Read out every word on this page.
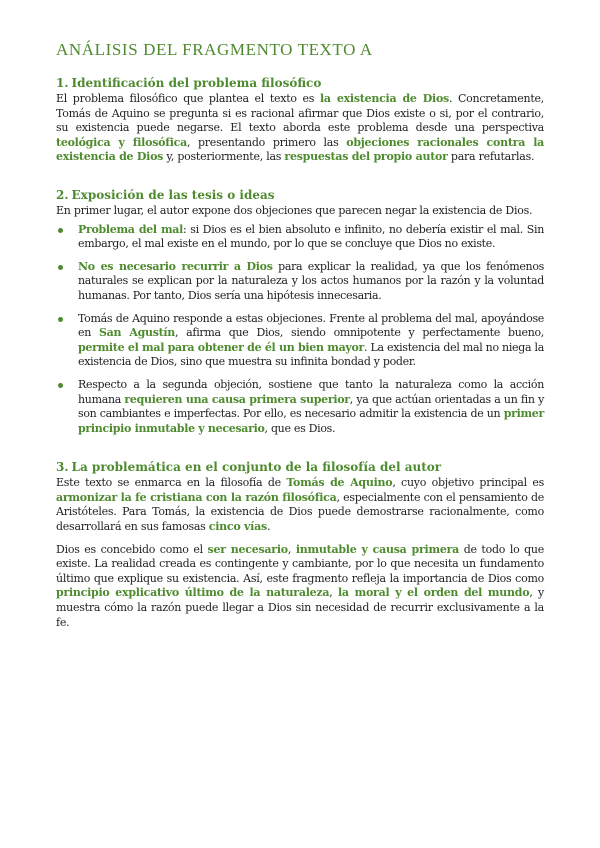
ANÁLISIS DEL FRAGMENTO TEXTO A
1. Identificación del problema filosófico

El problema filosófico que plantea el texto es la existencia de Dios. Concretamente, Tomás de Aquino se pregunta si es racional afirmar que Dios existe o si, por el contrario, su existencia puede negarse. El texto aborda este problema desde una perspectiva teológica y filosófica, presentando primero las objeciones racionales contra la existencia de Dios y, posteriormente, las respuestas del propio autor para refutarlas.

2. Exposición de las tesis o ideas

En primer lugar, el autor expone dos objeciones que parecen negar la existencia de Dios.

Problema del mal: si Dios es el bien absoluto e infinito, no debería existir el mal. Sin embargo, el mal existe en el mundo, por lo que se concluye que Dios no existe.

No es necesario recurrir a Dios para explicar la realidad, ya que los fenómenos naturales se explican por la naturaleza y los actos humanos por la razón y la voluntad humanas. Por tanto, Dios sería una hipótesis innecesaria.

Tomás de Aquino responde a estas objeciones. Frente al problema del mal, apoyándose en San Agustín, afirma que Dios, siendo omnipotente y perfectamente bueno, permite el mal para obtener de él un bien mayor. La existencia del mal no niega la existencia de Dios, sino que muestra su infinita bondad y poder.

Respecto a la segunda objeción, sostiene que tanto la naturaleza como la acción humana requieren una causa primera superior, ya que actúan orientadas a un fin y son cambiantes e imperfectas. Por ello, es necesario admitir la existencia de un primer principio inmutable y necesario, que es Dios.

3. La problemática en el conjunto de la filosofía del autor

Este texto se enmarca en la filosofía de Tomás de Aquino, cuyo objetivo principal es armonizar la fe cristiana con la razón filosófica, especialmente con el pensamiento de Aristóteles. Para Tomás, la existencia de Dios puede demostrarse racionalmente, como desarrollará en sus famosas cinco vías.

Dios es concebido como el ser necesario, inmutable y causa primera de todo lo que existe. La realidad creada es contingente y cambiante, por lo que necesita un fundamento último que explique su existencia. Así, este fragmento refleja la importancia de Dios como principio explicativo último de la naturaleza, la moral y el orden del mundo, y muestra cómo la razón puede llegar a Dios sin necesidad de recurrir exclusivamente a la fe.
